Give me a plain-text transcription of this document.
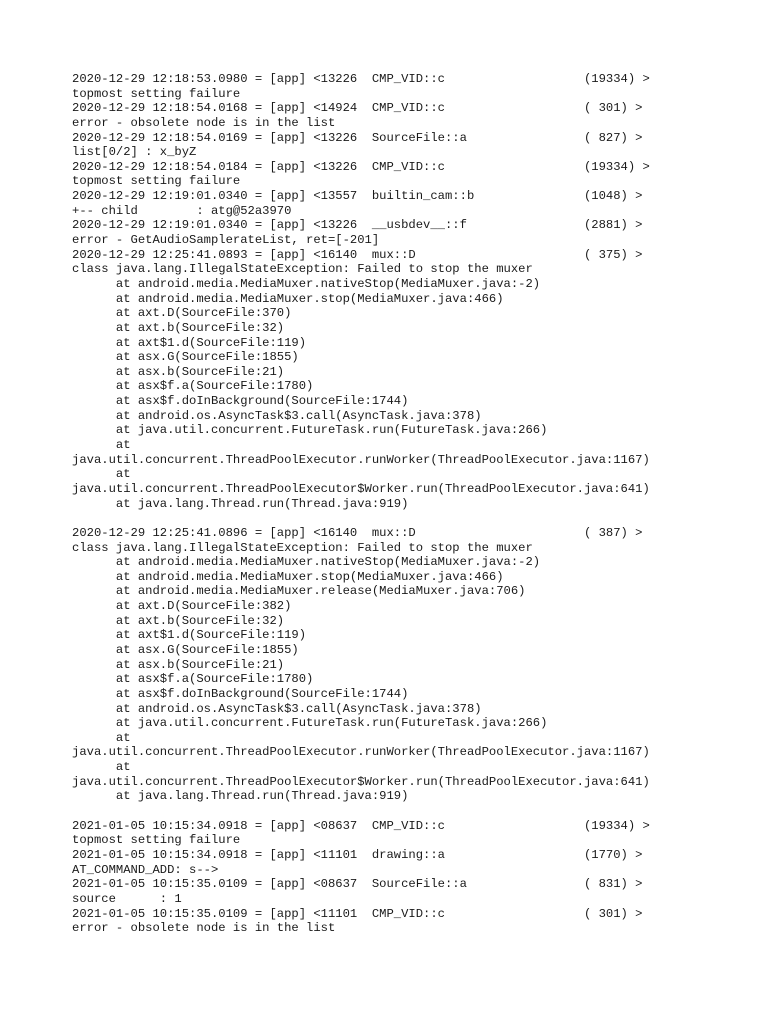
2020-12-29 12:18:53.0980 = [app] <13226  CMP_VID::c                   (19334) >
topmost setting failure
2020-12-29 12:18:54.0168 = [app] <14924  CMP_VID::c                   ( 301) >
error - obsolete node is in the list
2020-12-29 12:18:54.0169 = [app] <13226  SourceFile::a                ( 827) >
list[0/2] : x_byZ
2020-12-29 12:18:54.0184 = [app] <13226  CMP_VID::c                   (19334) >
topmost setting failure
2020-12-29 12:19:01.0340 = [app] <13557  builtin_cam::b               (1048) >
+-- child        : atg@52a3970
2020-12-29 12:19:01.0340 = [app] <13226  __usbdev__::f                (2881) >
error - GetAudioSamplerateList, ret=[-201]
2020-12-29 12:25:41.0893 = [app] <16140  mux::D                       ( 375) >
class java.lang.IllegalStateException: Failed to stop the muxer
at android.media.MediaMuxer.nativeStop(MediaMuxer.java:-2)
at android.media.MediaMuxer.stop(MediaMuxer.java:466)
at axt.D(SourceFile:370)
at axt.b(SourceFile:32)
at axt$1.d(SourceFile:119)
at asx.G(SourceFile:1855)
at asx.b(SourceFile:21)
at asx$f.a(SourceFile:1780)
at asx$f.doInBackground(SourceFile:1744)
at android.os.AsyncTask$3.call(AsyncTask.java:378)
at java.util.concurrent.FutureTask.run(FutureTask.java:266)
at
java.util.concurrent.ThreadPoolExecutor.runWorker(ThreadPoolExecutor.java:1167)
at
java.util.concurrent.ThreadPoolExecutor$Worker.run(ThreadPoolExecutor.java:641)
at java.lang.Thread.run(Thread.java:919)
2020-12-29 12:25:41.0896 = [app] <16140  mux::D                       ( 387) >
class java.lang.IllegalStateException: Failed to stop the muxer
at android.media.MediaMuxer.nativeStop(MediaMuxer.java:-2)
at android.media.MediaMuxer.stop(MediaMuxer.java:466)
at android.media.MediaMuxer.release(MediaMuxer.java:706)
at axt.D(SourceFile:382)
at axt.b(SourceFile:32)
at axt$1.d(SourceFile:119)
at asx.G(SourceFile:1855)
at asx.b(SourceFile:21)
at asx$f.a(SourceFile:1780)
at asx$f.doInBackground(SourceFile:1744)
at android.os.AsyncTask$3.call(AsyncTask.java:378)
at java.util.concurrent.FutureTask.run(FutureTask.java:266)
at
java.util.concurrent.ThreadPoolExecutor.runWorker(ThreadPoolExecutor.java:1167)
at
java.util.concurrent.ThreadPoolExecutor$Worker.run(ThreadPoolExecutor.java:641)
at java.lang.Thread.run(Thread.java:919)
2021-01-05 10:15:34.0918 = [app] <08637  CMP_VID::c                   (19334) >
topmost setting failure
2021-01-05 10:15:34.0918 = [app] <11101  drawing::a                   (1770) >
AT_COMMAND_ADD: s-->
2021-01-05 10:15:35.0109 = [app] <08637  SourceFile::a                ( 831) >
source      : 1
2021-01-05 10:15:35.0109 = [app] <11101  CMP_VID::c                   ( 301) >
error - obsolete node is in the list
